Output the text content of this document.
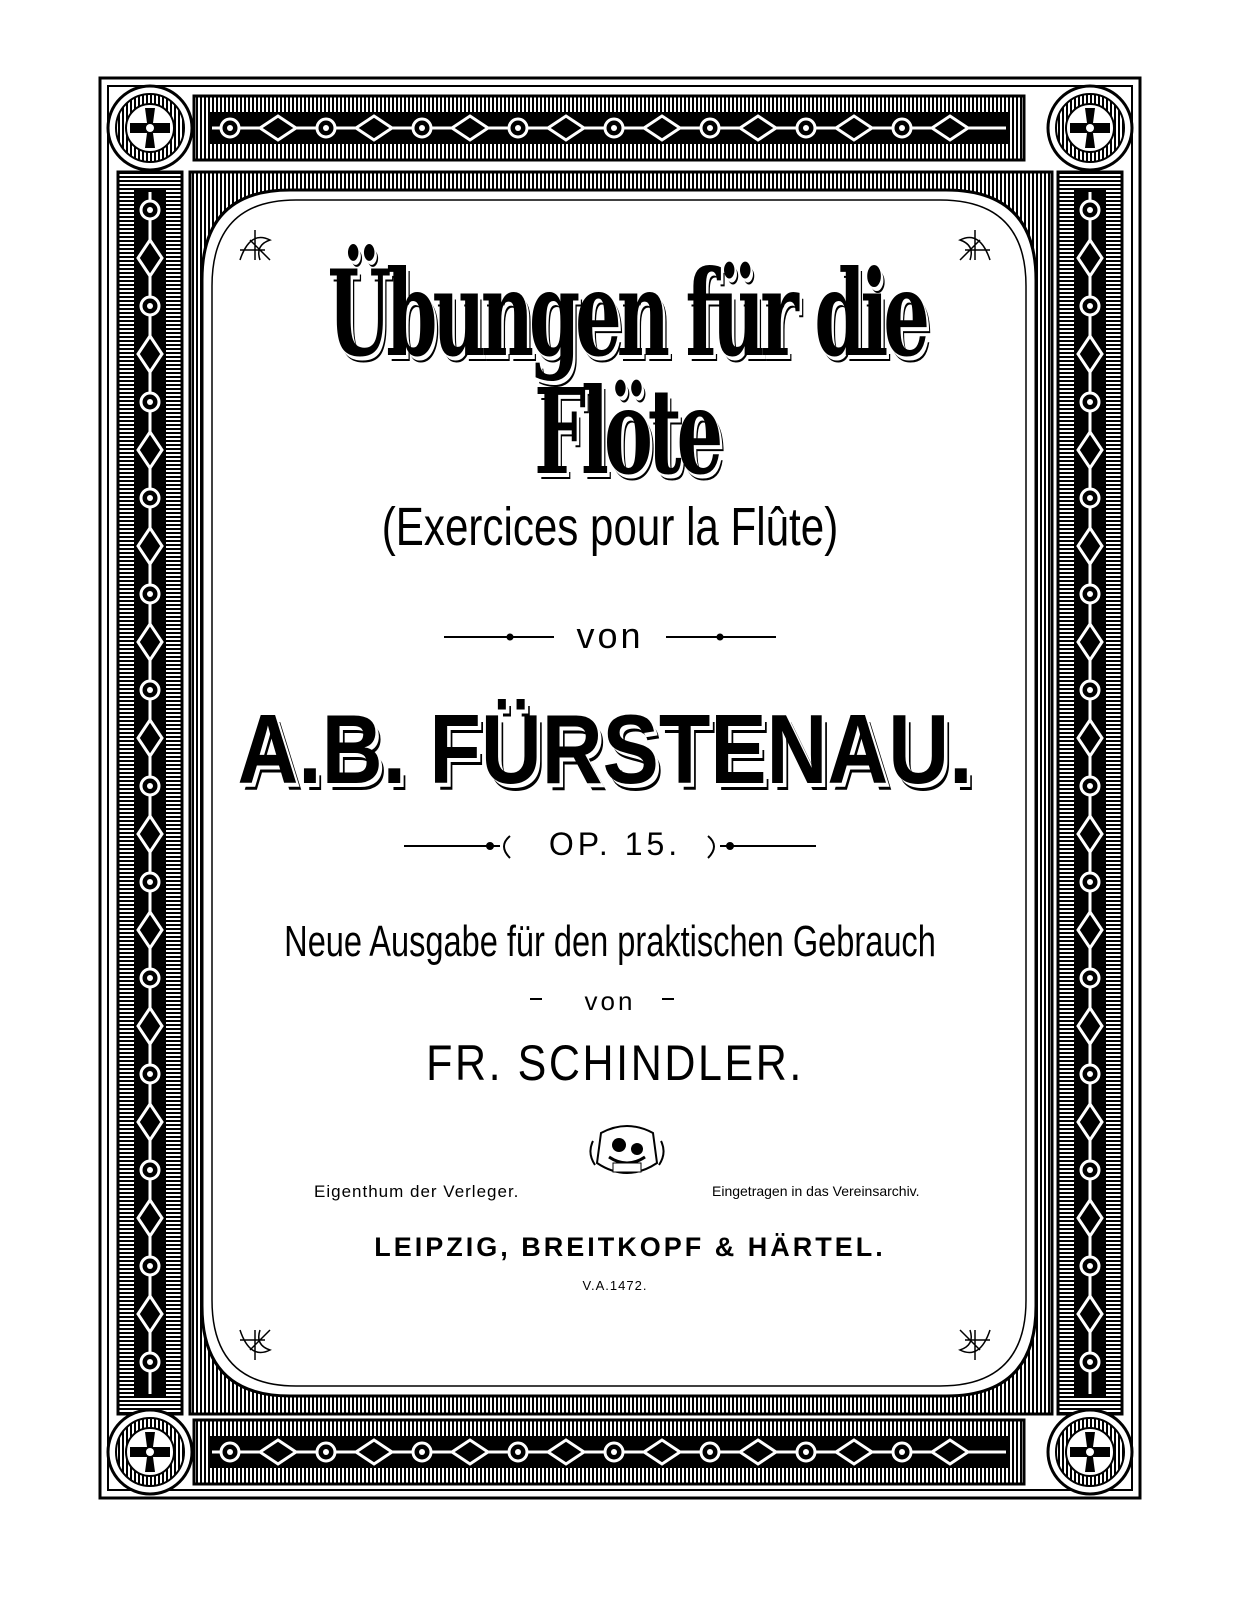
Übungen für die Flöte
(Exercices pour la Flûte)
von
A.B. FÜRSTENAU.
OP. 15.
Neue Ausgabe für den praktischen Gebrauch
von
FR. SCHINDLER.
Eigenthum der Verleger.	Eingetragen in das Vereinsarchiv.
LEIPZIG, BREITKOPF & HÄRTEL.
V.A.1472.
